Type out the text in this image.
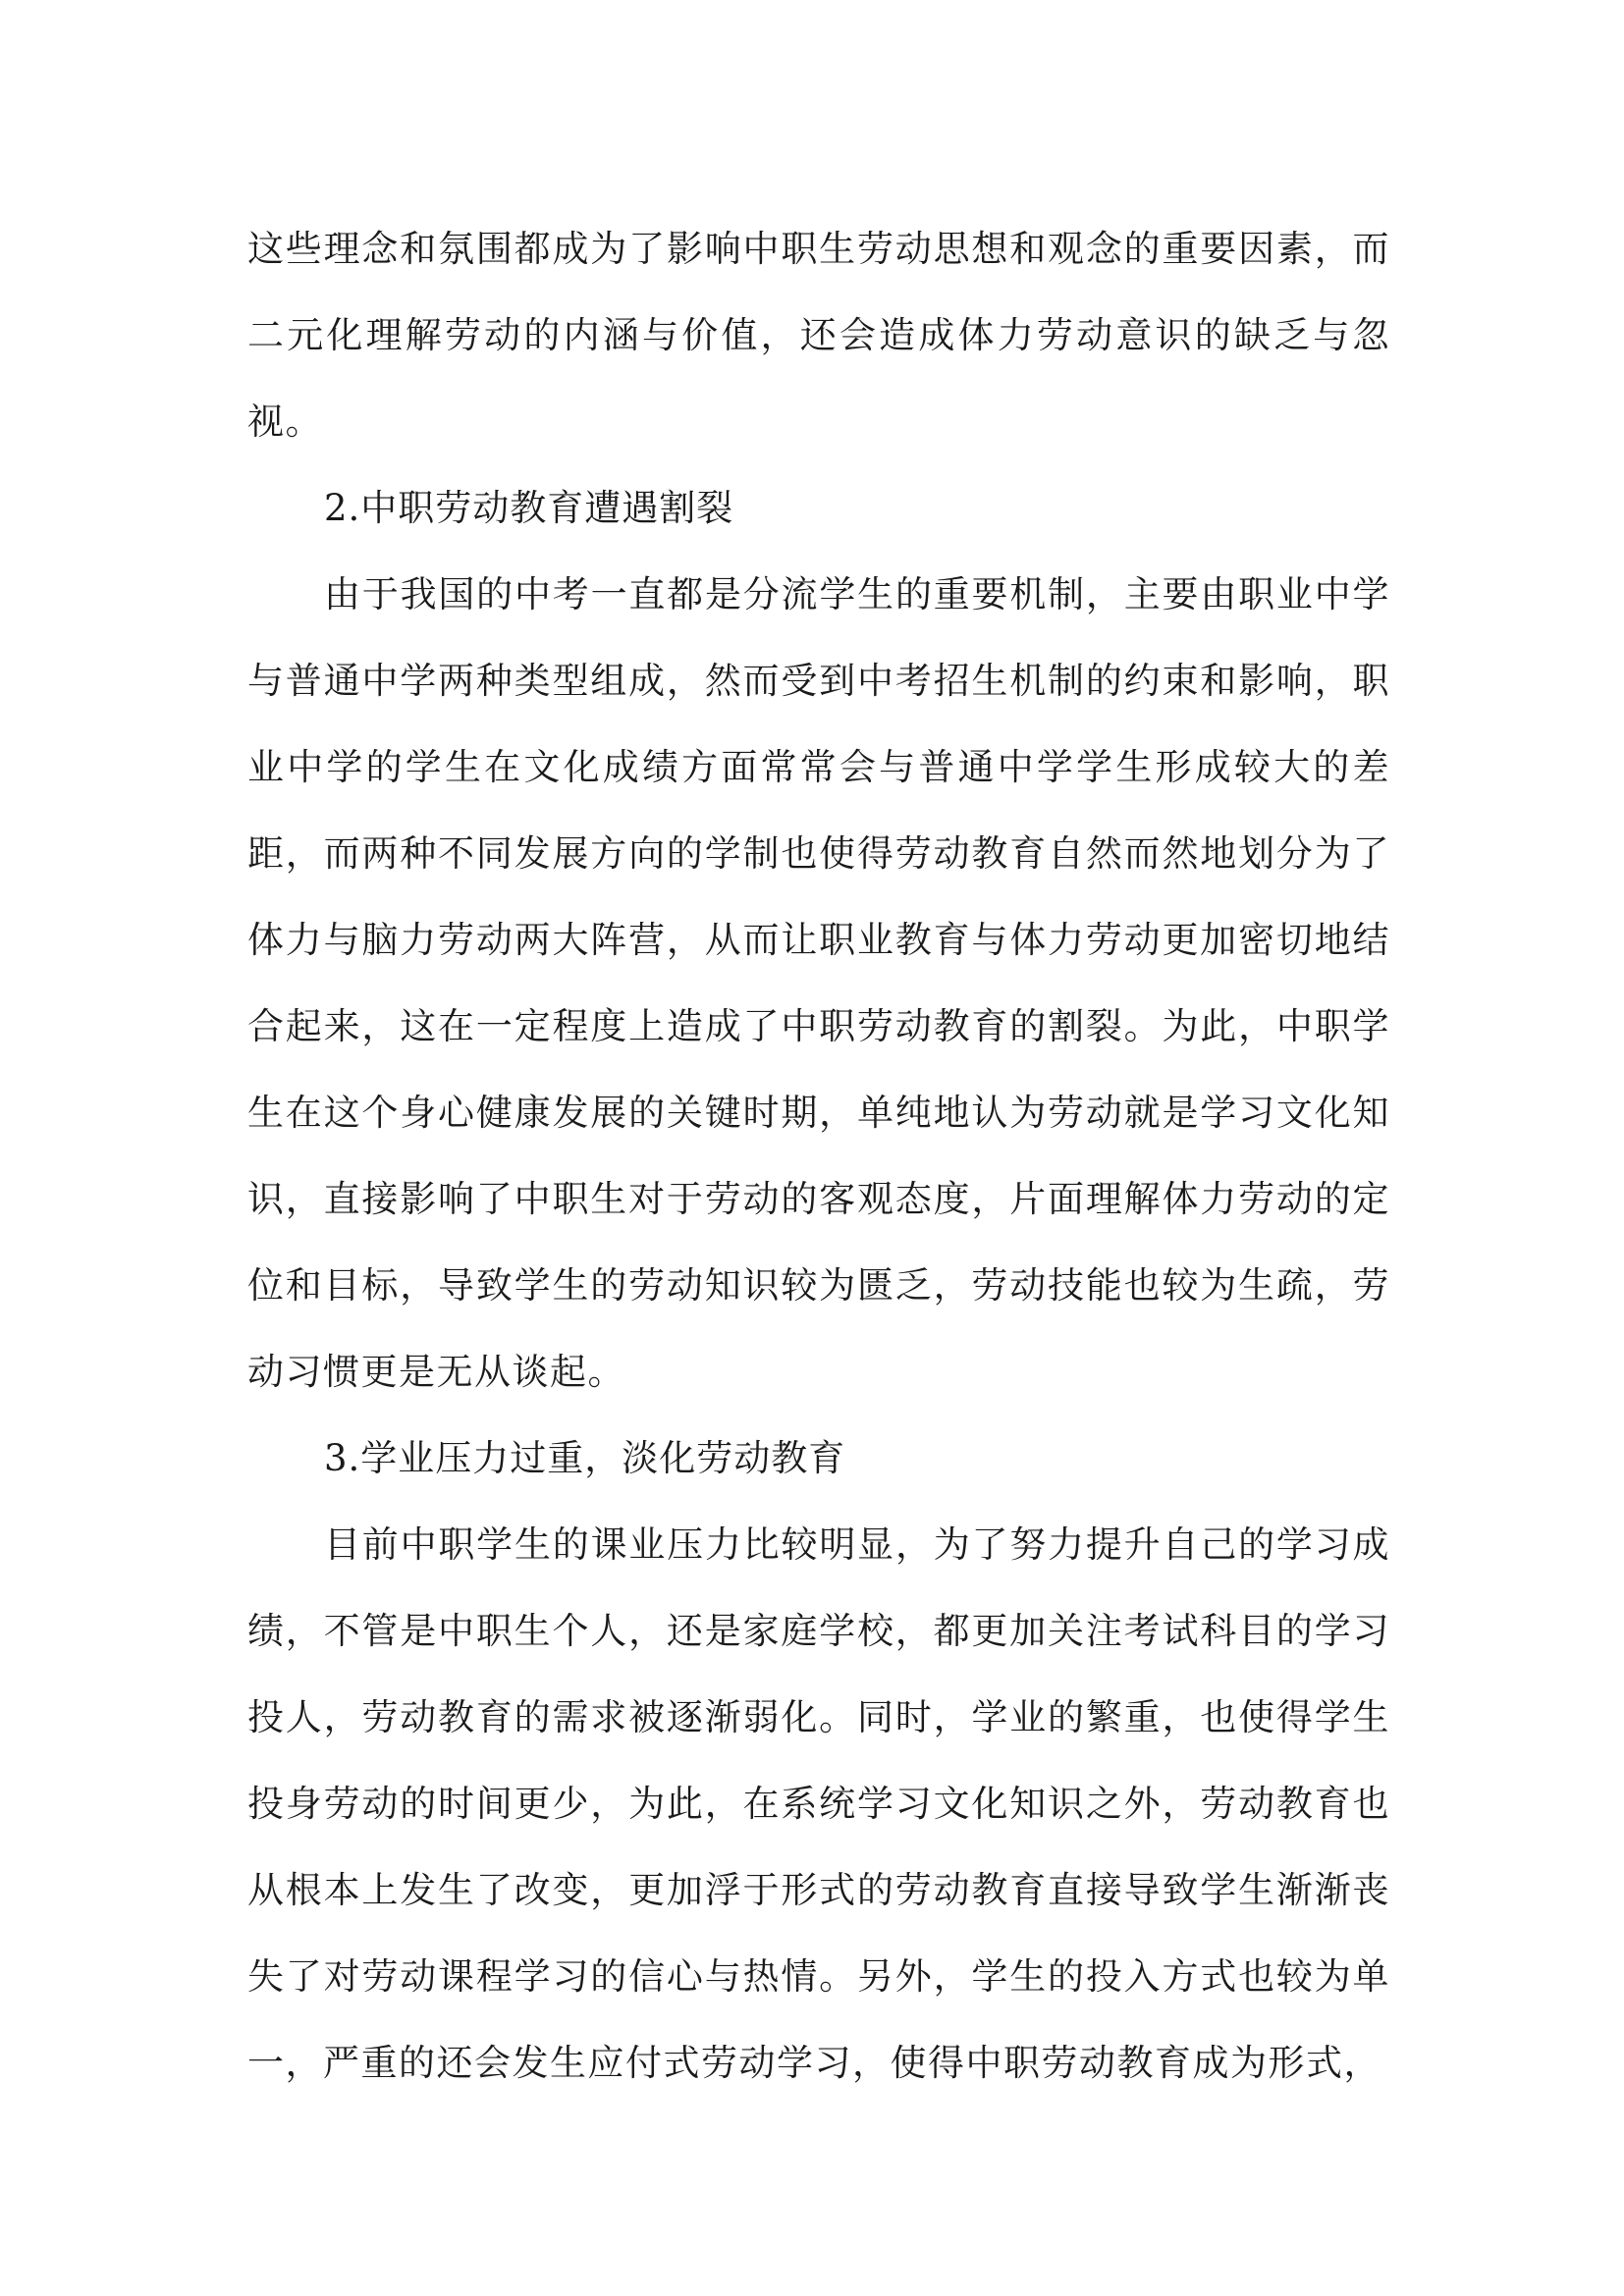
这些理念和氛围都成为了影响中职生劳动思想和观念的重要因素，而二元化理解劳动的内涵与价值，还会造成体力劳动意识的缺乏与忽视。

2.中职劳动教育遭遇割裂

由于我国的中考一直都是分流学生的重要机制，主要由职业中学与普通中学两种类型组成，然而受到中考招生机制的约束和影响，职业中学的学生在文化成绩方面常常会与普通中学学生形成较大的差距，而两种不同发展方向的学制也使得劳动教育自然而然地划分为了体力与脑力劳动两大阵营，从而让职业教育与体力劳动更加密切地结合起来，这在一定程度上造成了中职劳动教育的割裂。为此，中职学生在这个身心健康发展的关键时期，单纯地认为劳动就是学习文化知识，直接影响了中职生对于劳动的客观态度，片面理解体力劳动的定位和目标，导致学生的劳动知识较为匮乏，劳动技能也较为生疏，劳动习惯更是无从谈起。

3.学业压力过重，淡化劳动教育

目前中职学生的课业压力比较明显，为了努力提升自己的学习成绩，不管是中职生个人，还是家庭学校，都更加关注考试科目的学习投人，劳动教育的需求被逐渐弱化。同时，学业的繁重，也使得学生投身劳动的时间更少，为此，在系统学习文化知识之外，劳动教育也从根本上发生了改变，更加浮于形式的劳动教育直接导致学生渐渐丧失了对劳动课程学习的信心与热情。另外，学生的投入方式也较为单一，严重的还会发生应付式劳动学习，使得中职劳动教育成为形式，
